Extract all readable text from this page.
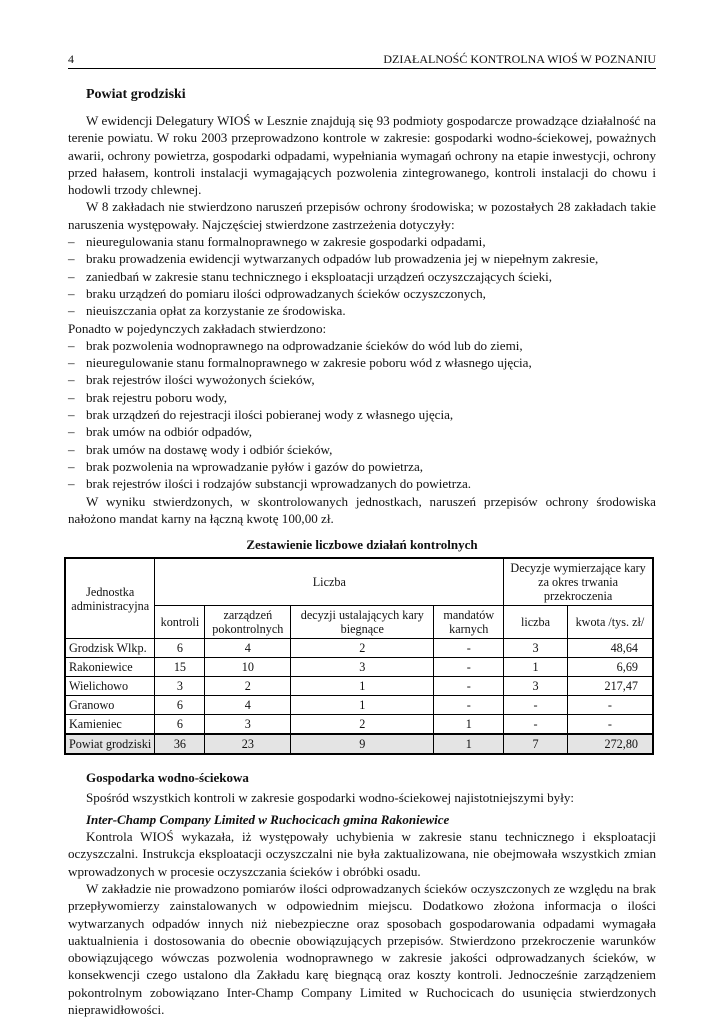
4	DZIAŁALNOŚĆ KONTROLNA WIOŚ W POZNANIU
Powiat grodziski

W ewidencji Delegatury WIOŚ w Lesznie znajdują się 93 podmioty gospodarcze prowadzące działalność na terenie powiatu. W roku 2003 przeprowadzono kontrole w zakresie: gospodarki wodno-ściekowej, poważnych awarii, ochrony powietrza, gospodarki odpadami, wypełniania wymagań ochrony na etapie inwestycji, ochrony przed hałasem, kontroli instalacji wymagających pozwolenia zintegrowanego, kontroli instalacji do chowu i hodowli trzody chlewnej.

W 8 zakładach nie stwierdzono naruszeń przepisów ochrony środowiska; w pozostałych 28 zakładach takie naruszenia występowały. Najczęściej stwierdzone zastrzeżenia dotyczyły:

– nieuregulowania stanu formalnoprawnego w zakresie gospodarki odpadami,
– braku prowadzenia ewidencji wytwarzanych odpadów lub prowadzenia jej w niepełnym zakresie,
– zaniedbań w zakresie stanu technicznego i eksploatacji urządzeń oczyszczających ścieki,
– braku urządzeń do pomiaru ilości odprowadzanych ścieków oczyszczonych,
– nieuiszczania opłat za korzystanie ze środowiska.

Ponadto w pojedynczych zakładach stwierdzono:

– brak pozwolenia wodnoprawnego na odprowadzanie ścieków do wód lub do ziemi,
– nieuregulowanie stanu formalnoprawnego w zakresie poboru wód z własnego ujęcia,
– brak rejestrów ilości wywożonych ścieków,
– brak rejestru poboru wody,
– brak urządzeń do rejestracji ilości pobieranej wody z własnego ujęcia,
– brak umów na odbiór odpadów,
– brak umów na dostawę wody i odbiór ścieków,
– brak pozwolenia na wprowadzanie pyłów i gazów do powietrza,
– brak rejestrów ilości i rodzajów substancji wprowadzanych do powietrza.

W wyniku stwierdzonych, w skontrolowanych jednostkach, naruszeń przepisów ochrony środowiska nałożono mandat karny na łączną kwotę 100,00 zł.

Zestawienie liczbowe działań kontrolnych
Jednostka administracyjna	Liczba				Decyzje wymierzające kary za okres trwania przekroczenia	
	kontroli	zarządzeń pokontrolnych	decyzji ustalających kary biegnące	mandatów karnych	liczba	kwota /tys. zł/
Grodzisk Wlkp.	6	4	2	-	3	48,64
Rakoniewice	15	10	3	-	1	6,69
Wielichowo	3	2	1	-	3	217,47
Granowo	6	4	1	-	-	-
Kamieniec	6	3	2	1	-	-
Powiat grodziski	36	23	9	1	7	272,80
Gospodarka wodno-ściekowa

Spośród wszystkich kontroli w zakresie gospodarki wodno-ściekowej najistotniejszymi były:

Inter-Champ Company Limited w Ruchocicach gmina Rakoniewice

Kontrola WIOŚ wykazała, iż występowały uchybienia w zakresie stanu technicznego i eksploatacji oczyszczalni. Instrukcja eksploatacji oczyszczalni nie była zaktualizowana, nie obejmowała wszystkich zmian wprowadzonych w procesie oczyszczania ścieków i obróbki osadu.

W zakładzie nie prowadzono pomiarów ilości odprowadzanych ścieków oczyszczonych ze względu na brak przepływomierzy zainstalowanych w odpowiednim miejscu. Dodatkowo złożona informacja o ilości wytwarzanych odpadów innych niż niebezpieczne oraz sposobach gospodarowania odpadami wymagała uaktualnienia i dostosowania do obecnie obowiązujących przepisów. Stwierdzono przekroczenie warunków obowiązującego wówczas pozwolenia wodnoprawnego w zakresie jakości odprowadzanych ścieków, w konsekwencji czego ustalono dla Zakładu karę biegnącą oraz koszty kontroli. Jednocześnie zarządzeniem pokontrolnym zobowiązano Inter-Champ Company Limited w Ruchocicach do usunięcia stwierdzonych nieprawidłowości.
